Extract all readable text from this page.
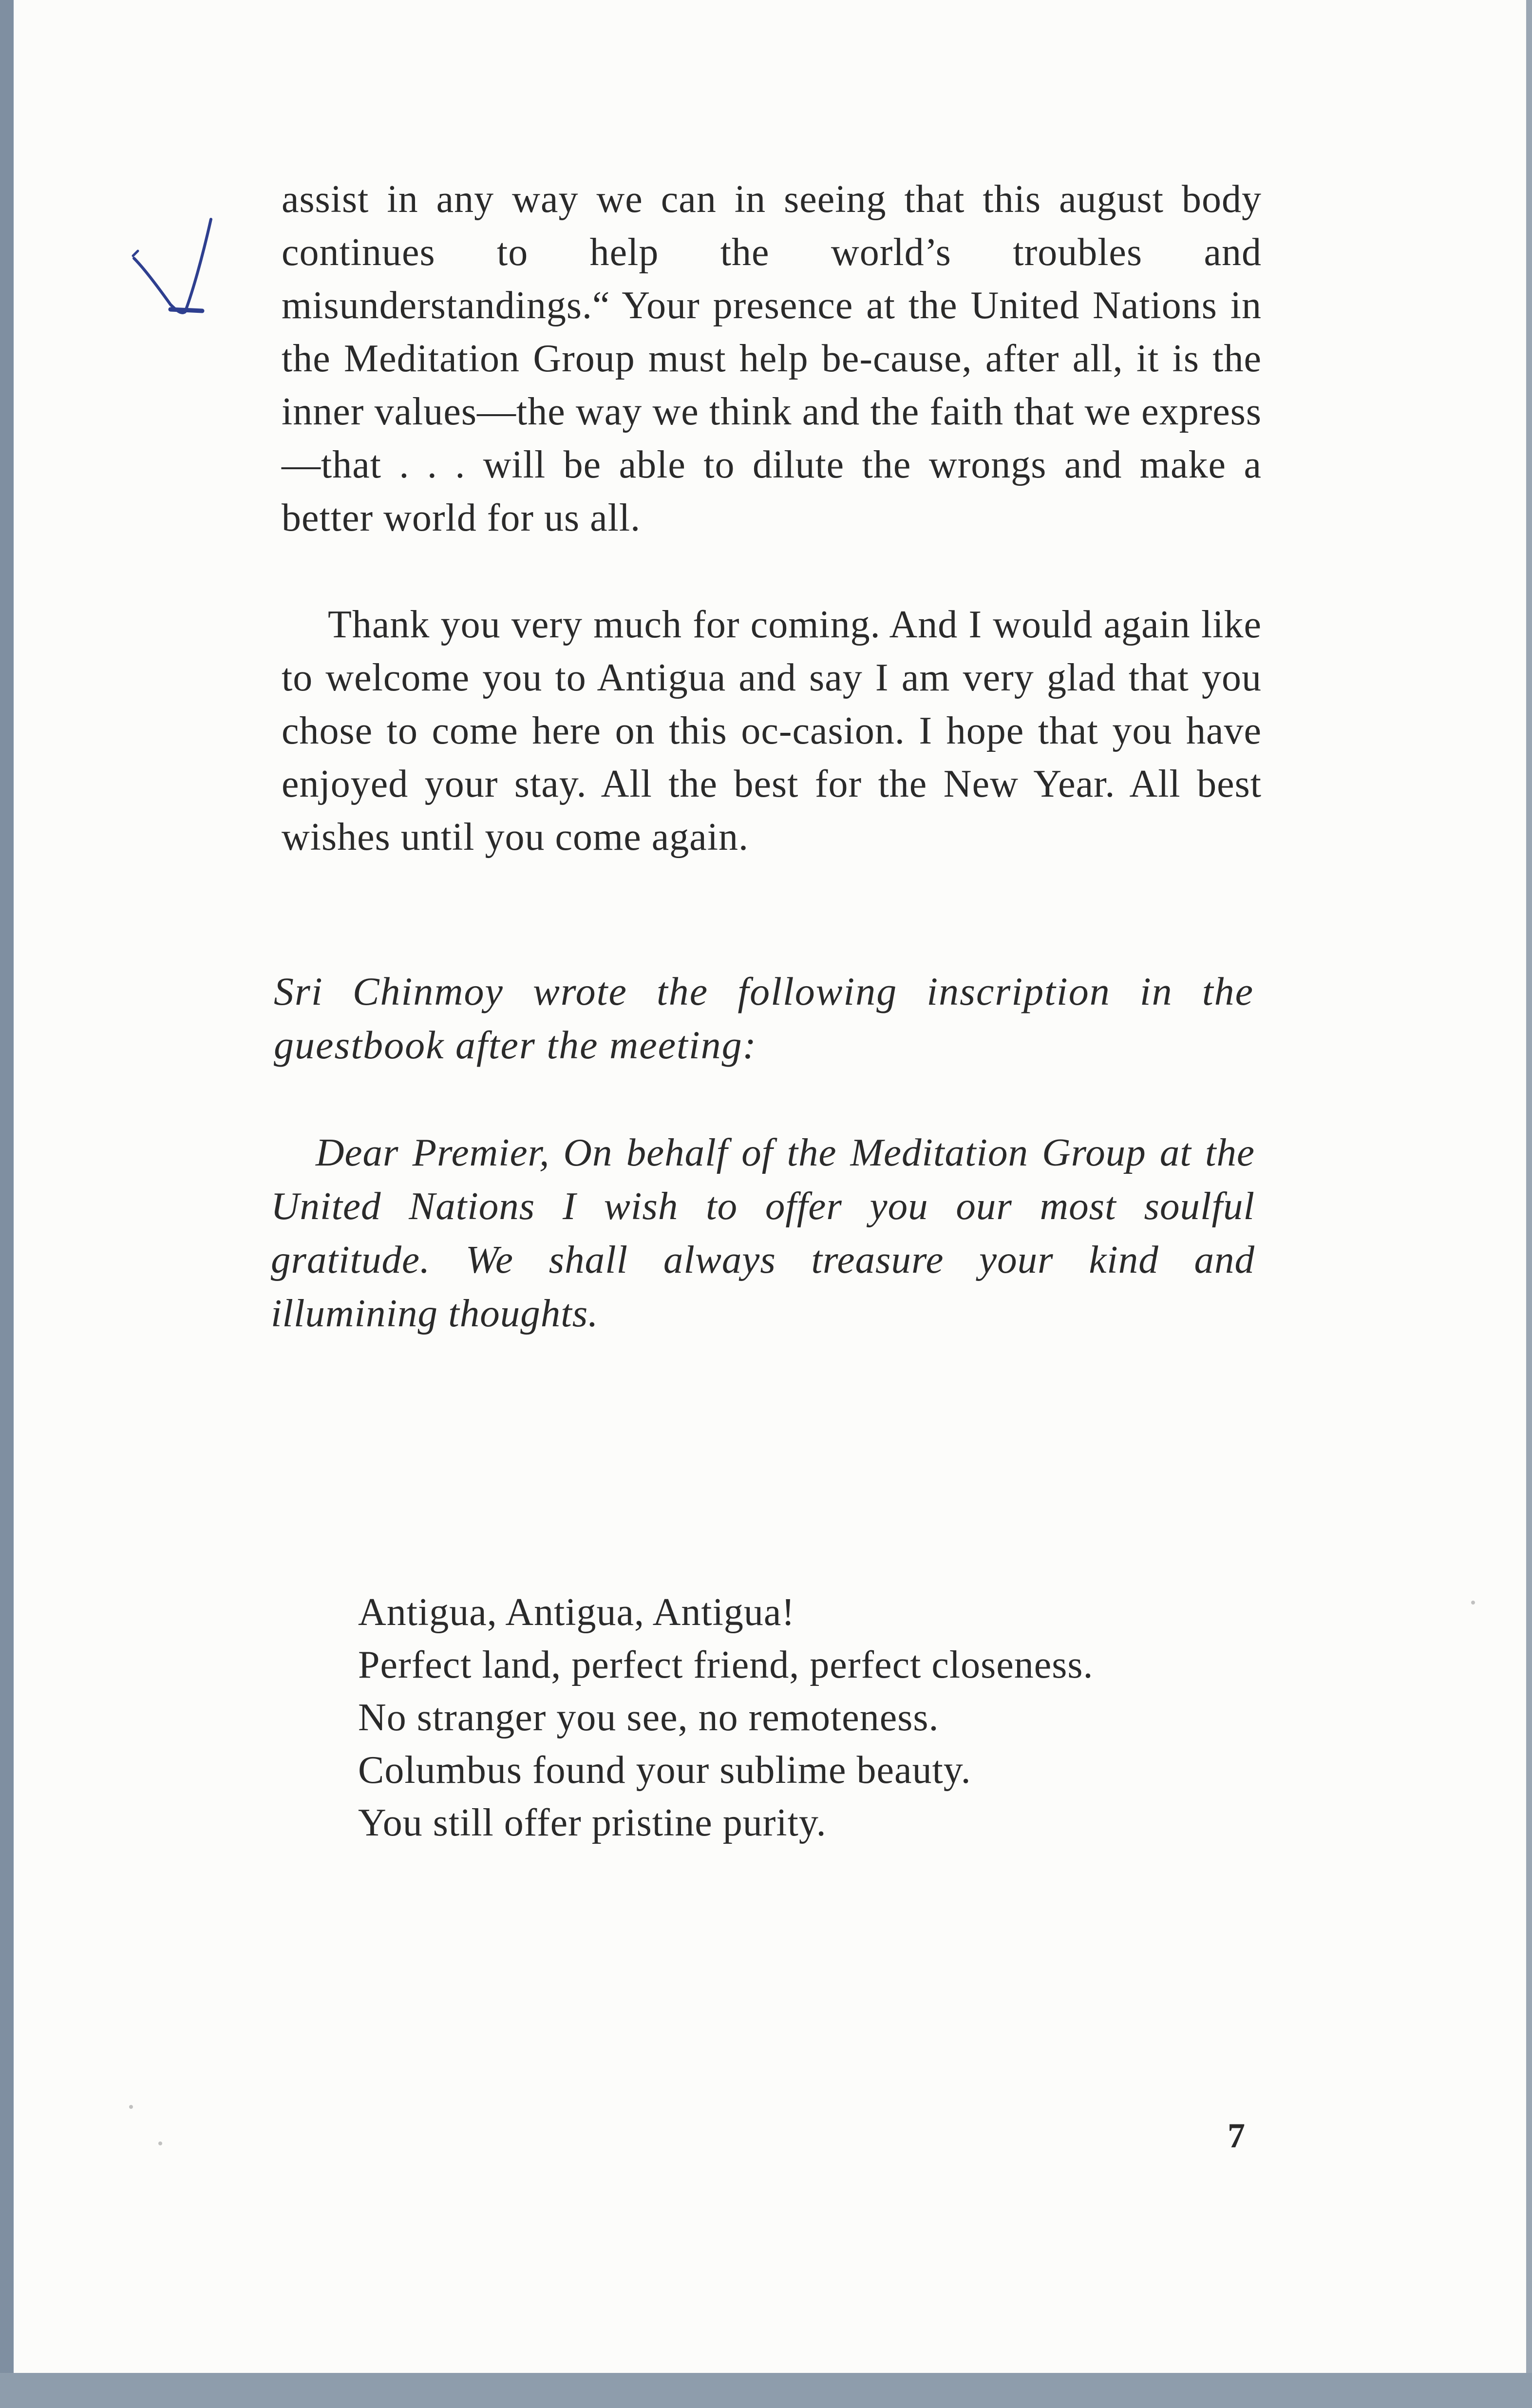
assist in any way we can in seeing that this august body continues to help the world’s troubles and misunderstandings.“ Your presence at the United Nations in the Meditation Group must help be-cause, after all, it is the inner values—the way we think and the faith that we express—that . . . will be able to dilute the wrongs and make a better world for us all.

Thank you very much for coming. And I would again like to welcome you to Antigua and say I am very glad that you chose to come here on this oc-casion. I hope that you have enjoyed your stay. All the best for the New Year. All best wishes until you come again.

Sri Chinmoy wrote the following inscription in the guestbook after the meeting:
Dear Premier, On behalf of the Meditation Group at the United Nations I wish to offer you our most soulful gratitude. We shall always treasure your kind and illumining thoughts.
Antigua, Antigua, Antigua!
Perfect land, perfect friend, perfect closeness.
No stranger you see, no remoteness.
Columbus found your sublime beauty.
You still offer pristine purity.
7
